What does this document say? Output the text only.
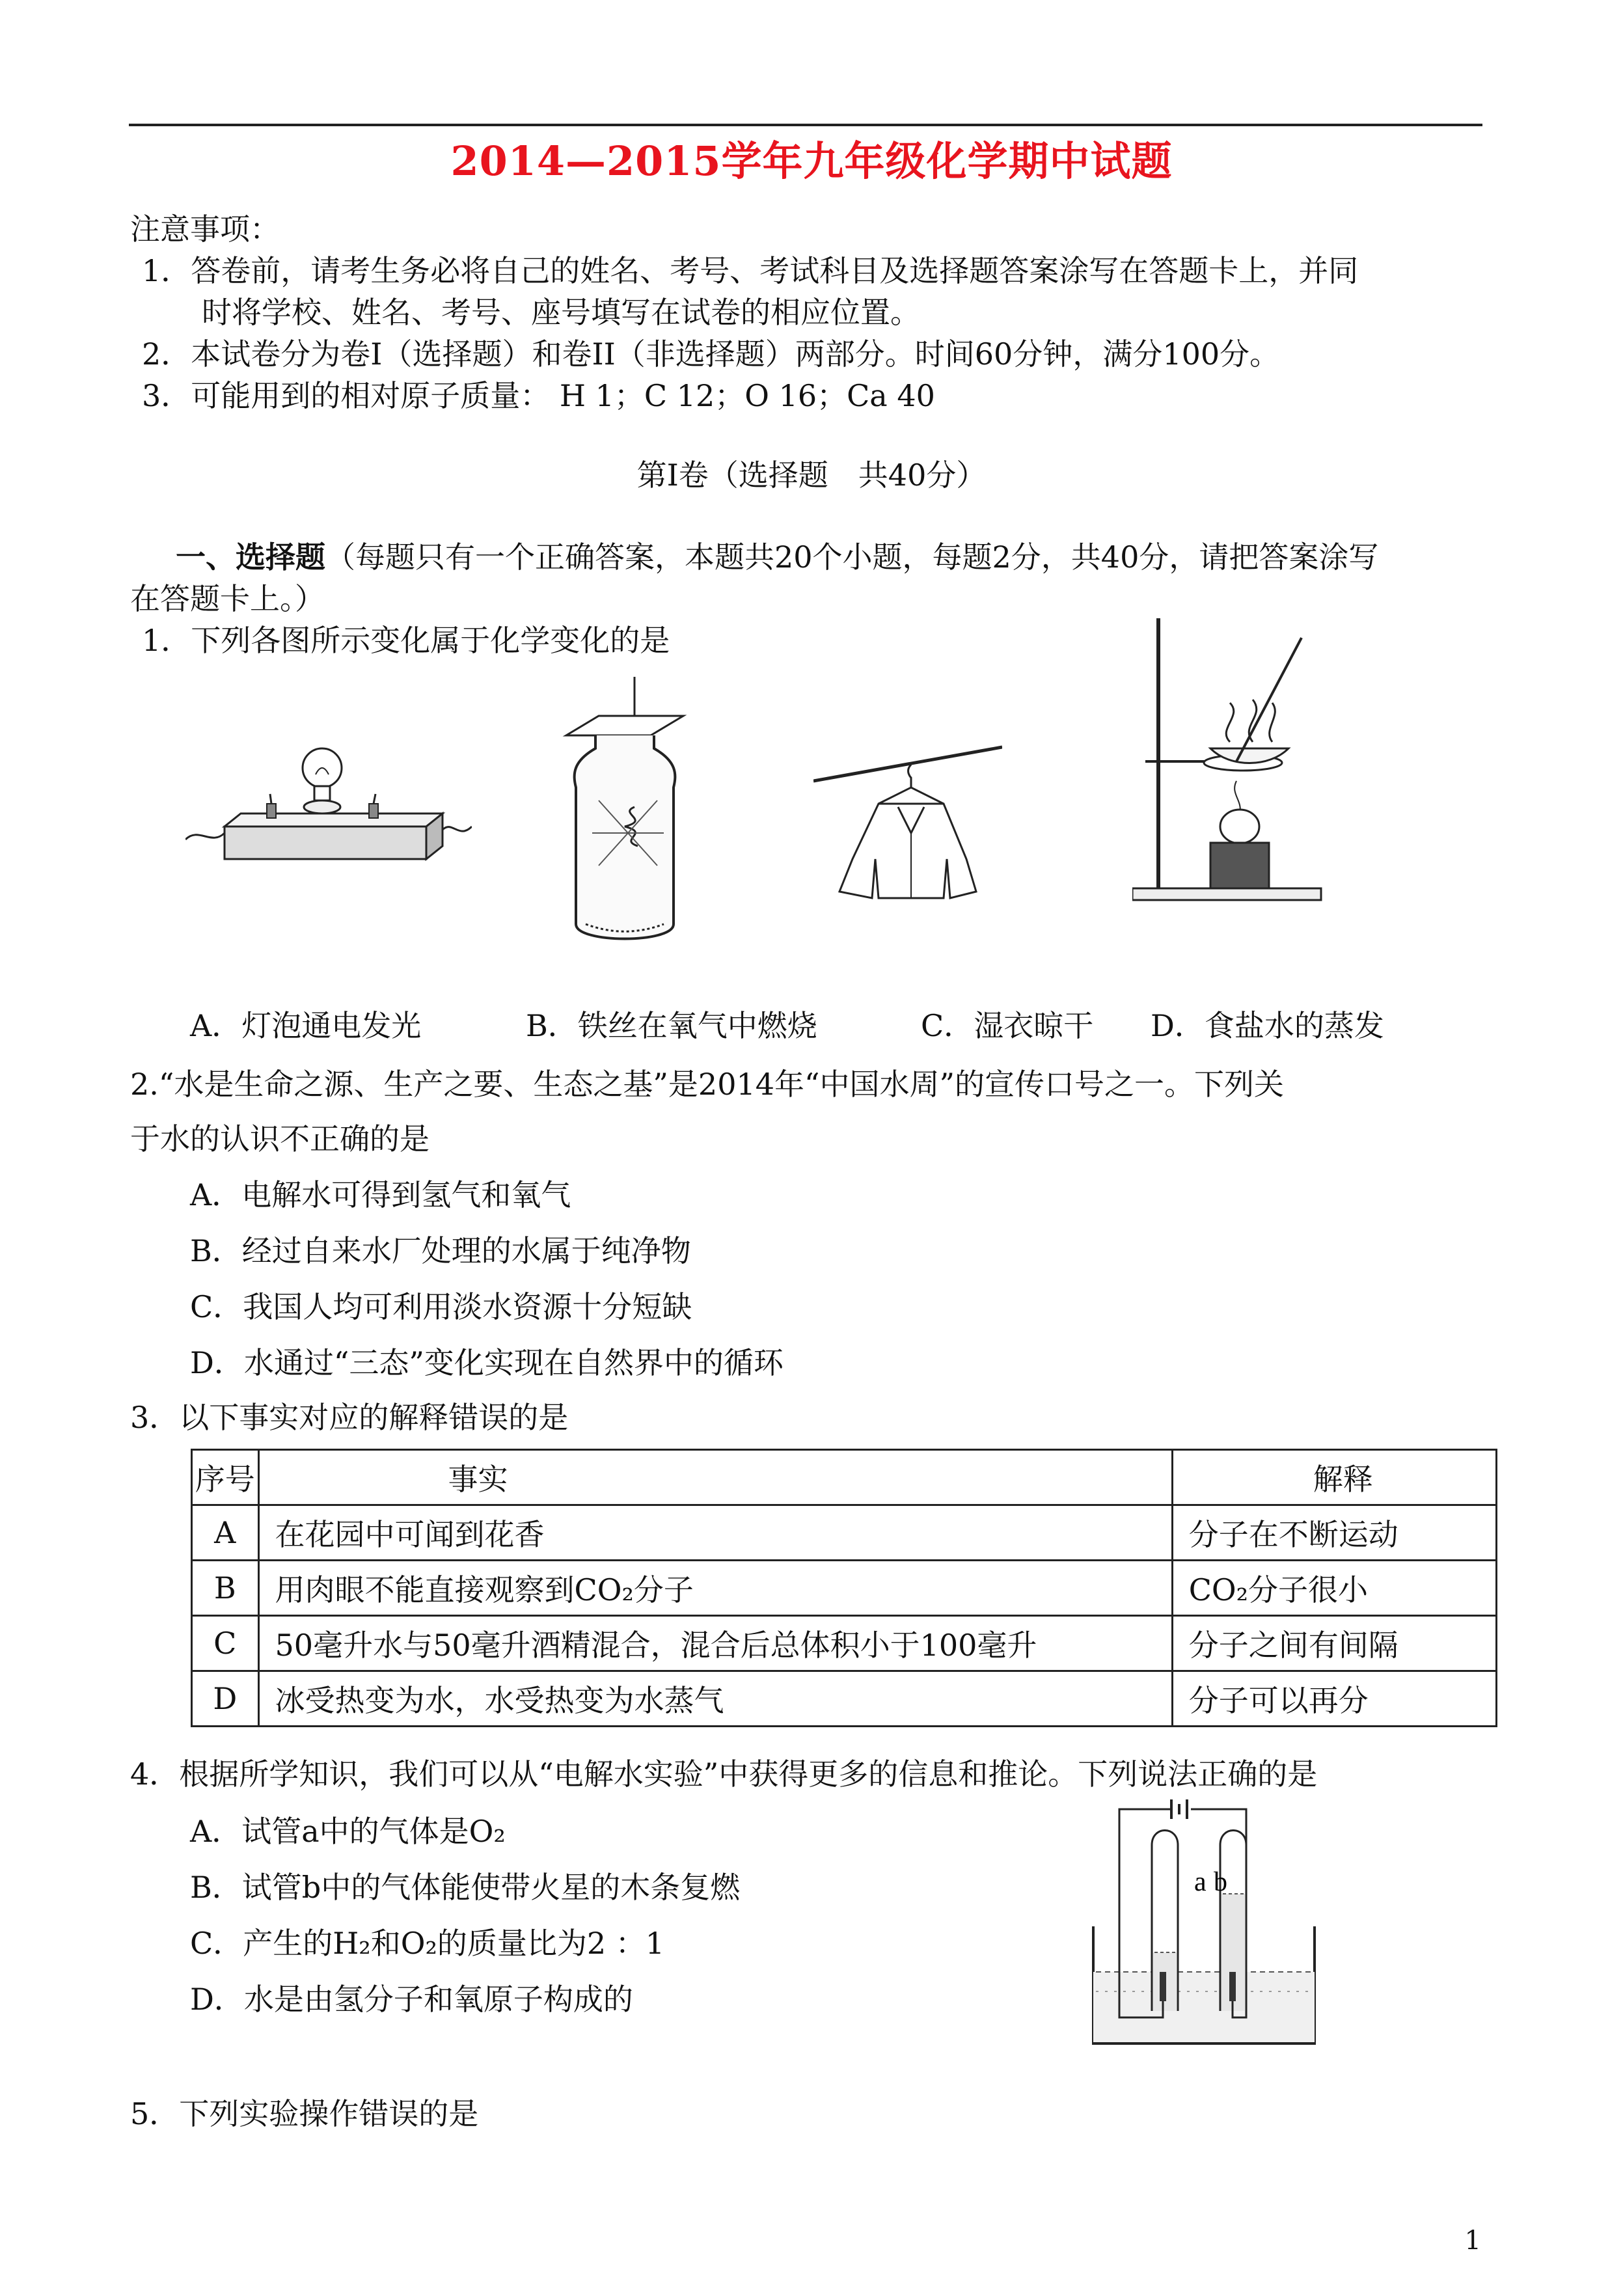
2014—2015学年九年级化学期中试题
注意事项：
1．答卷前，请考生务必将自己的姓名、考号、考试科目及选择题答案涂写在答题卡上，并同
时将学校、姓名、考号、座号填写在试卷的相应位置。
2．本试卷分为卷I（选择题）和卷II（非选择题）两部分。时间60分钟，满分100分。
3．可能用到的相对原子质量： H 1；C 12；O 16；Ca 40
第I卷（选择题　共40分）
一、选择题（每题只有一个正确答案，本题共20个小题，每题2分，共40分，请把答案涂写
在答题卡上。）
1．下列各图所示变化属于化学变化的是
A．灯泡通电发光	B．铁丝在氧气中燃烧	C．湿衣晾干 D．食盐水的蒸发
2.“水是生命之源、生产之要、生态之基”是2014年“中国水周”的宣传口号之一。下列关
于水的认识不正确的是
A．电解水可得到氢气和氧气
B．经过自来水厂处理的水属于纯净物
C．我国人均可利用淡水资源十分短缺
D．水通过“三态”变化实现在自然界中的循环
3．以下事实对应的解释错误的是
序号	事实	解释
A	在花园中可闻到花香	分子在不断运动
B	用肉眼不能直接观察到CO₂分子	CO₂分子很小
C	50毫升水与50毫升酒精混合，混合后总体积小于100毫升	分子之间有间隔
D	冰受热变为水，水受热变为水蒸气	分子可以再分
4．根据所学知识，我们可以从“电解水实验”中获得更多的信息和推论。下列说法正确的是
A．试管a中的气体是O₂
B．试管b中的气体能使带火星的木条复燃
C．产生的H₂和O₂的质量比为2 ：1
D．水是由氢分子和氧原子构成的
a b
5．下列实验操作错误的是
1
